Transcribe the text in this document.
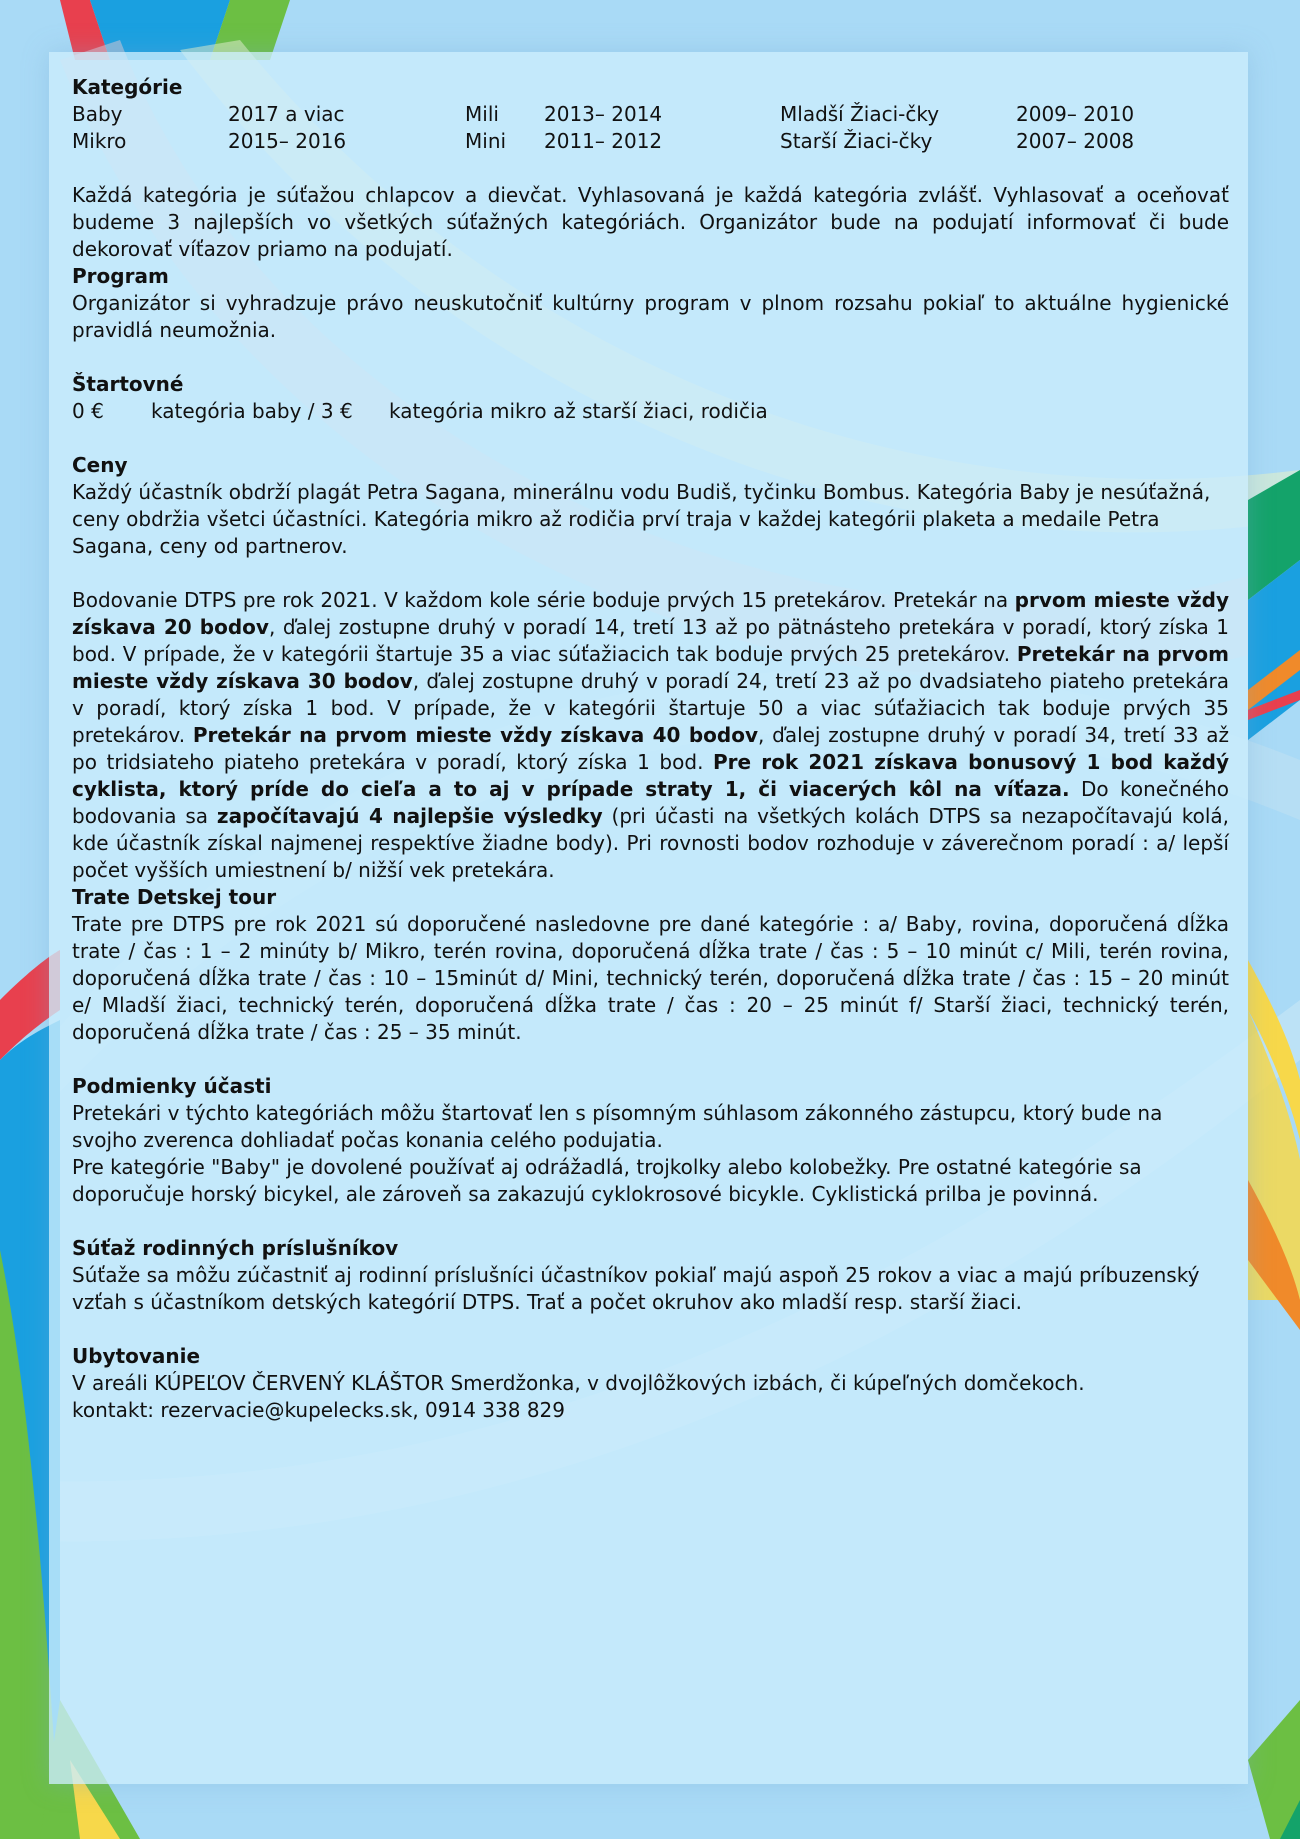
Kategórie
Baby	2017 a viac	Mili	2013– 2014	Mladší Žiaci-čky	2009– 2010
Mikro	2015– 2016	Mini	2011– 2012	Starší Žiaci-čky	2007– 2008

Každá kategória je súťažou chlapcov a dievčat. Vyhlasovaná je každá kategória zvlášť. Vyhlasovať a oceňovať budeme 3 najlepších vo všetkých súťažných kategóriách. Organizátor bude na podujatí informovať či bude dekorovať víťazov priamo na podujatí.

Program

Organizátor si vyhradzuje právo neuskutočniť kultúrny program v plnom rozsahu pokiaľ to aktuálne hygienické pravidlá neumožnia.

Štartovné
0 € kategória baby / 3 € kategória mikro až starší žiaci, rodičia
Ceny

Každý účastník obdrží plagát Petra Sagana, minerálnu vodu Budiš, tyčinku Bombus. Kategória Baby je nesúťažná, ceny obdržia všetci účastníci. Kategória mikro až rodičia prví traja v každej kategórii plaketa a medaile Petra Sagana, ceny od partnerov.

Bodovanie DTPS pre rok 2021. V každom kole série boduje prvých 15 pretekárov. Pretekár na prvom mieste vždy získava 20 bodov, ďalej zostupne druhý v poradí 14, tretí 13 až po pätnásteho pretekára v poradí, ktorý získa 1 bod. V prípade, že v kategórii štartuje 35 a viac súťažiacich tak boduje prvých 25 pretekárov. Pretekár na prvom mieste vždy získava 30 bodov, ďalej zostupne druhý v poradí 24, tretí 23 až po dvadsiateho piateho pretekára v poradí, ktorý získa 1 bod. V prípade, že v kategórii štartuje 50 a viac súťažiacich tak boduje prvých 35 pretekárov. Pretekár na prvom mieste vždy získava 40 bodov, ďalej zostupne druhý v poradí 34, tretí 33 až po tridsiateho piateho pretekára v poradí, ktorý získa 1 bod. Pre rok 2021 získava bonusový 1 bod každý cyklista, ktorý príde do cieľa a to aj v prípade straty 1, či viacerých kôl na víťaza. Do konečného bodovania sa započítavajú 4 najlepšie výsledky (pri účasti na všetkých kolách DTPS sa nezapočítavajú kolá, kde účastník získal najmenej respektíve žiadne body). Pri rovnosti bodov rozhoduje v záverečnom poradí : a/ lepší počet vyšších umiestnení b/ nižší vek pretekára.

Trate Detskej tour

Trate pre DTPS pre rok 2021 sú doporučené nasledovne pre dané kategórie : a/ Baby, rovina, doporučená dĺžka trate / čas : 1 – 2 minúty b/ Mikro, terén rovina, doporučená dĺžka trate / čas : 5 – 10 minút c/ Mili, terén rovina, doporučená dĺžka trate / čas : 10 – 15minút d/ Mini, technický terén, doporučená dĺžka trate / čas : 15 – 20 minút e/ Mladší žiaci, technický terén, doporučená dĺžka trate / čas : 20 – 25 minút f/ Starší žiaci, technický terén, doporučená dĺžka trate / čas : 25 – 35 minút.

Podmienky účasti

Pretekári v týchto kategóriách môžu štartovať len s písomným súhlasom zákonného zástupcu, ktorý bude na svojho zverenca dohliadať počas konania celého podujatia.

Pre kategórie "Baby" je dovolené používať aj odrážadlá, trojkolky alebo kolobežky. Pre ostatné kategórie sa doporučuje horský bicykel, ale zároveň sa zakazujú cyklokrosové bicykle. Cyklistická prilba je povinná.

Súťaž rodinných príslušníkov

Súťaže sa môžu zúčastniť aj rodinní príslušníci účastníkov pokiaľ majú aspoň 25 rokov a viac a majú príbuzenský vzťah s účastníkom detských kategórií DTPS. Trať a počet okruhov ako mladší resp. starší žiaci.

Ubytovanie

V areáli KÚPEĽOV ČERVENÝ KLÁŠTOR Smerdžonka, v dvojlôžkových izbách, či kúpeľných domčekoch.

kontakt: rezervacie@kupelecks.sk, 0914 338 829
